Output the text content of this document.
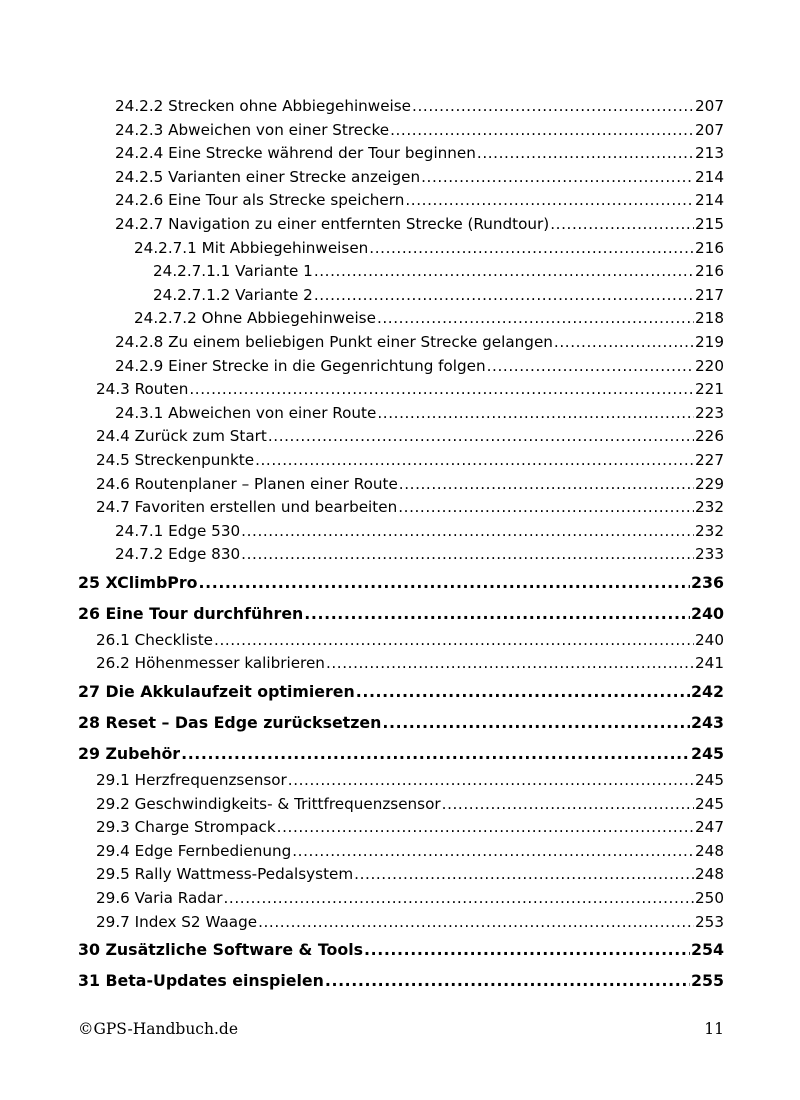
24.2.2 Strecken ohne Abbiegehinweise .....	207
24.2.3 Abweichen von einer Strecke .....	207
24.2.4 Eine Strecke während der Tour beginnen .....	213
24.2.5 Varianten einer Strecke anzeigen .....	214
24.2.6 Eine Tour als Strecke speichern .....	214
24.2.7 Navigation zu einer entfernten Strecke (Rundtour) .....	215
24.2.7.1 Mit Abbiegehinweisen .....	216
24.2.7.1.1 Variante 1 .....	216
24.2.7.1.2 Variante 2 .....	217
24.2.7.2 Ohne Abbiegehinweise .....	218
24.2.8 Zu einem beliebigen Punkt einer Strecke gelangen .....	219
24.2.9 Einer Strecke in die Gegenrichtung folgen .....	220
24.3 Routen .....	221
24.3.1 Abweichen von einer Route .....	223
24.4 Zurück zum Start .....	226
24.5 Streckenpunkte .....	227
24.6 Routenplaner – Planen einer Route .....	229
24.7 Favoriten erstellen und bearbeiten .....	232
24.7.1 Edge 530 .....	232
24.7.2 Edge 830 .....	233
25 XClimbPro .....	236
26 Eine Tour durchführen .....	240
26.1 Checkliste .....	240
26.2 Höhenmesser kalibrieren .....	241
27 Die Akkulaufzeit optimieren .....	242
28 Reset – Das Edge zurücksetzen .....	243
29 Zubehör .....	245
29.1 Herzfrequenzsensor .....	245
29.2 Geschwindigkeits- & Trittfrequenzsensor .....	245
29.3 Charge Strompack .....	247
29.4 Edge Fernbedienung .....	248
29.5 Rally Wattmess-Pedalsystem .....	248
29.6 Varia Radar .....	250
29.7 Index S2 Waage .....	253
30 Zusätzliche Software & Tools .....	254
31 Beta-Updates einspielen .....	255
©GPS-Handbuch.de	11
